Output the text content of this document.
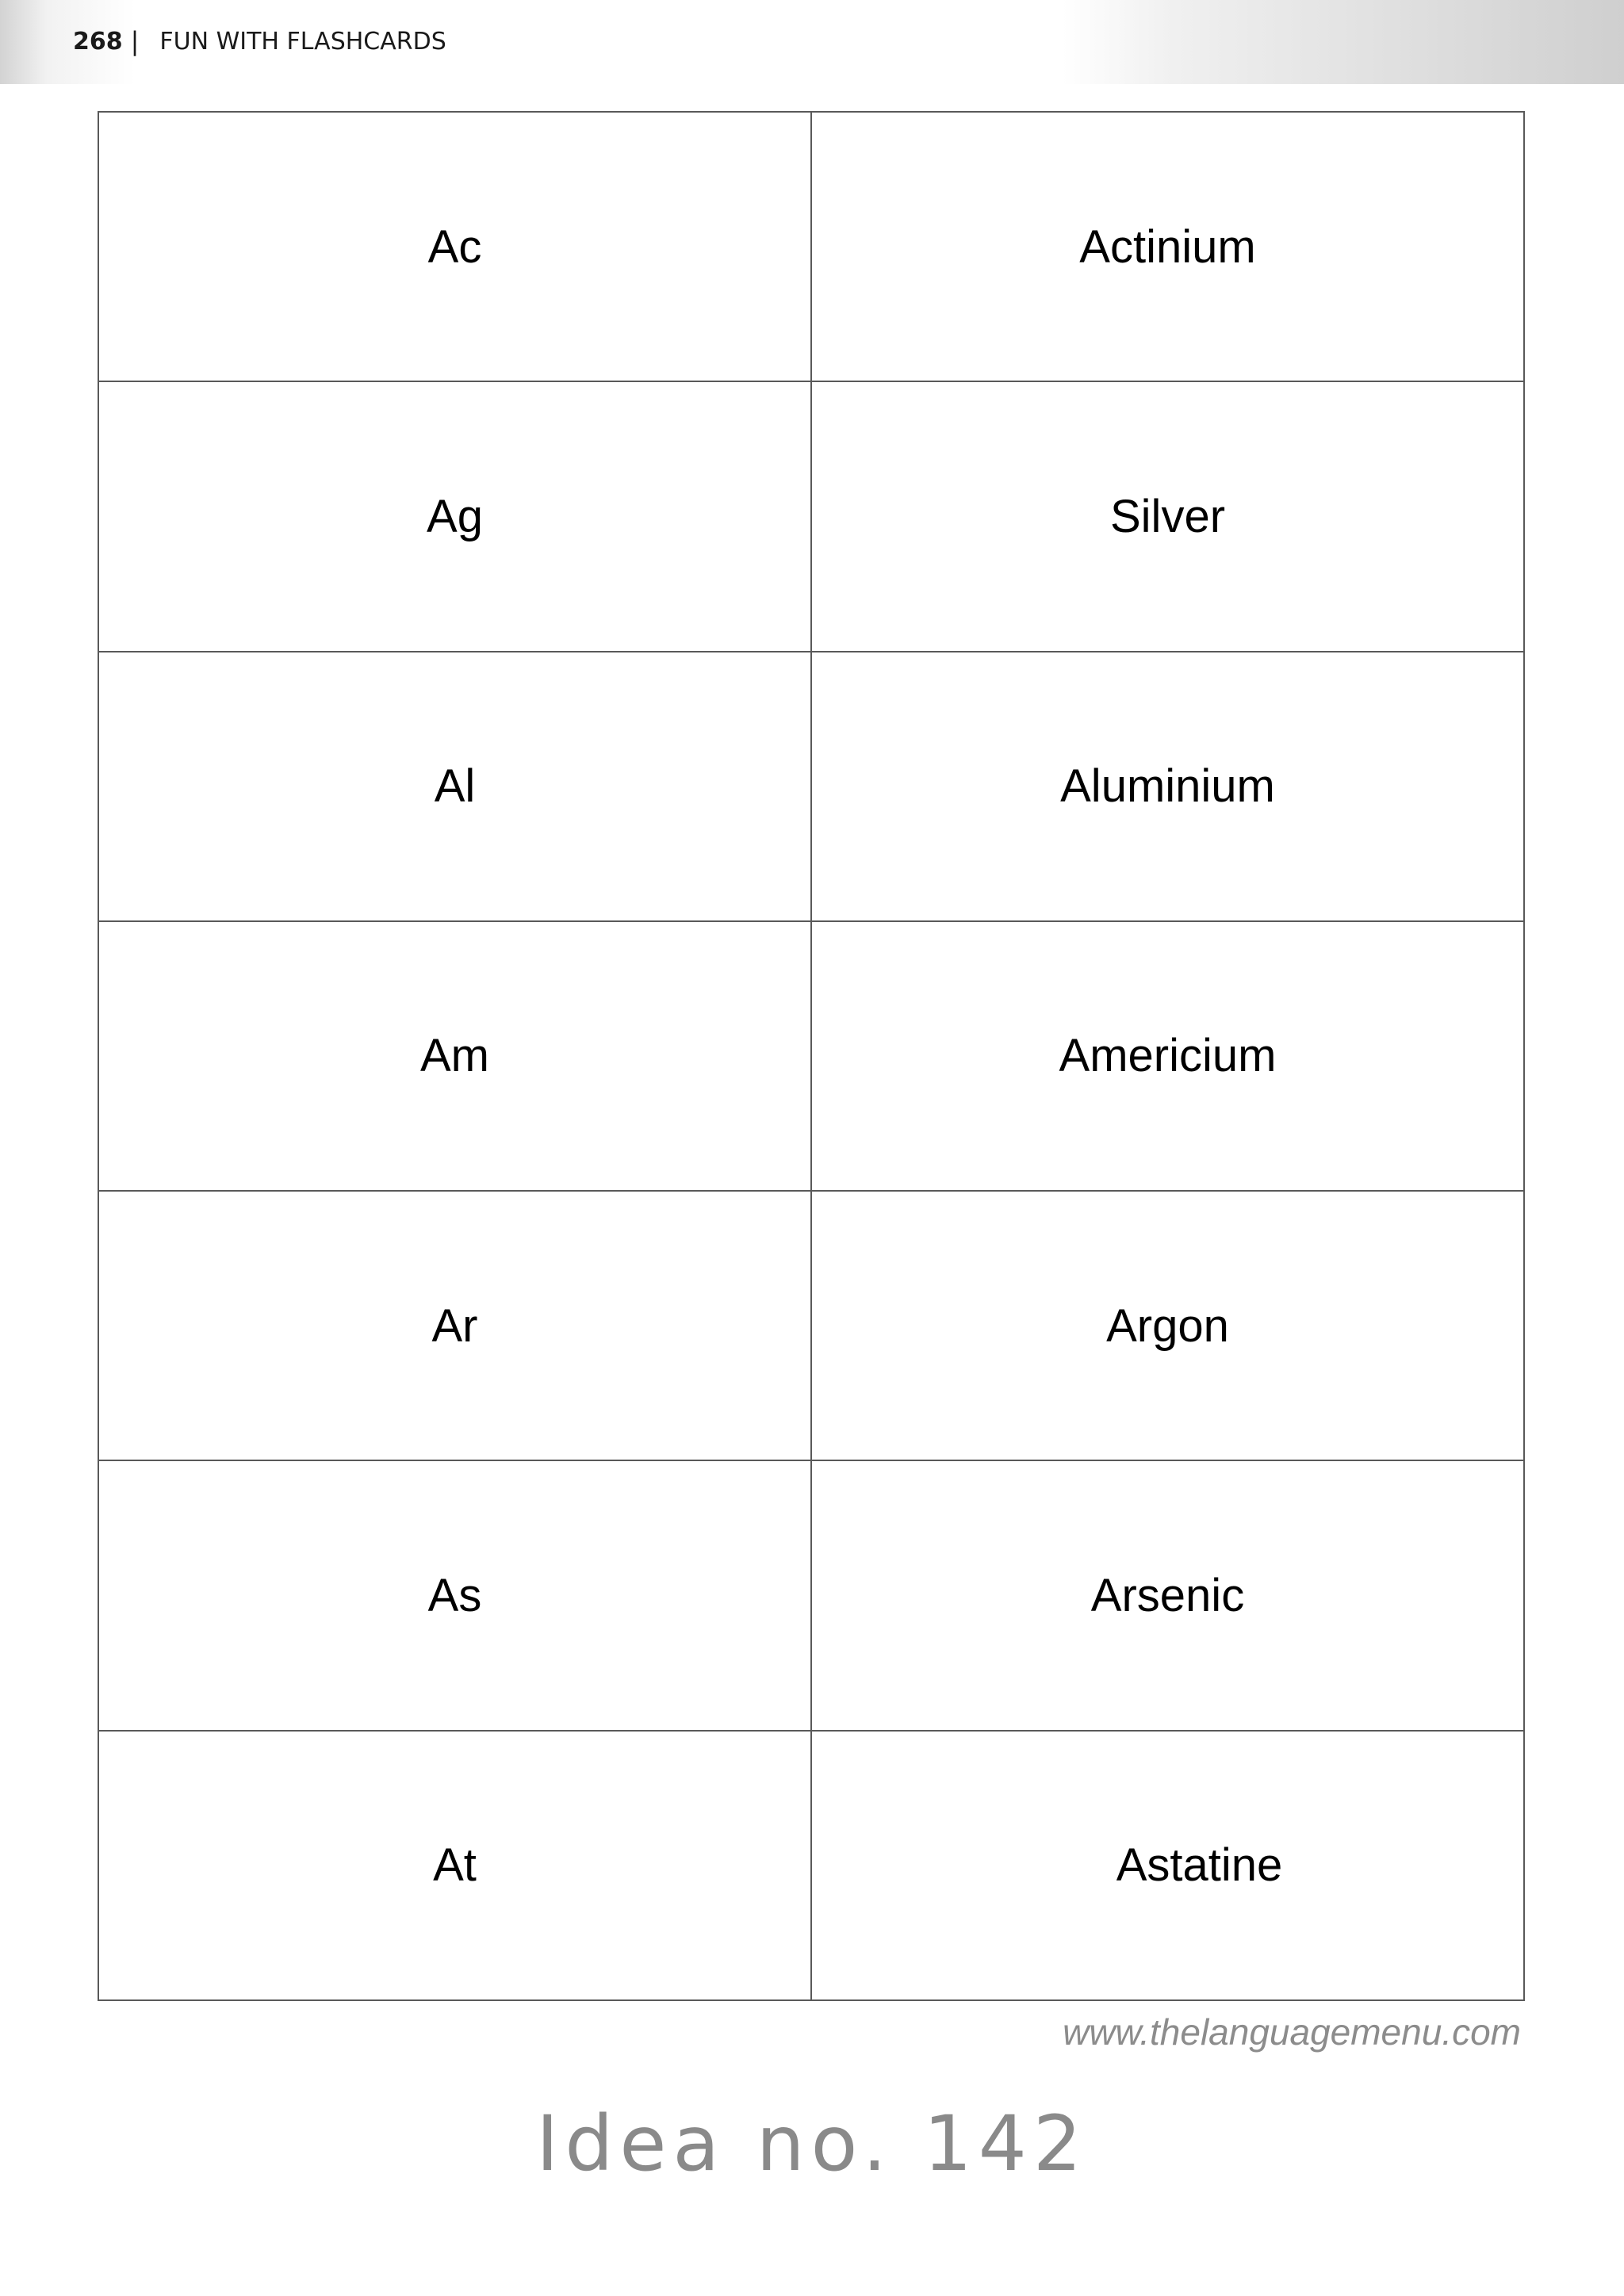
268 | FUN WITH FLASHCARDS
Ac	Actinium
Ag	Silver
Al	Aluminium
Am	Americium
Ar	Argon
As	Arsenic
At	Astatine
www.thelanguagemenu.com
Idea no. 142
